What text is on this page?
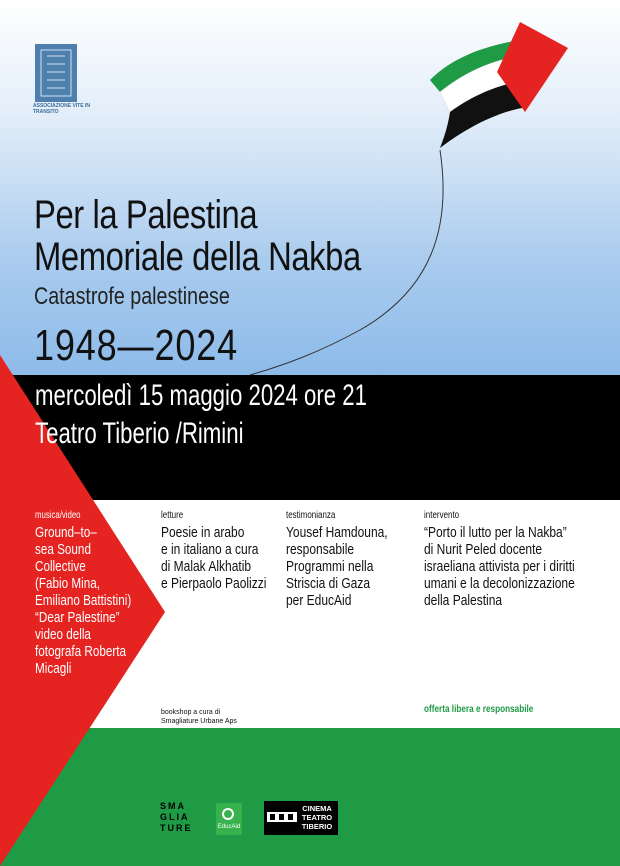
ASSOCIAZIONE VITE IN TRANSITO
Per la Palestina
Memoriale della Nakba
Catastrofe palestinese
1948—2024
mercoledì 15 maggio 2024 ore 21
Teatro Tiberio /Rimini
musica/video
Ground–to–
sea Sound
Collective
(Fabio Mina,
Emiliano Battistini)
“Dear Palestine”
video della
fotografa Roberta
Micagli
letture
Poesie in arabo
e in italiano a cura
di Malak Alkhatib
e Pierpaolo Paolizzi
testimonianza
Yousef Hamdouna,
responsabile
Programmi nella
Striscia di Gaza
per EducAid
intervento
“Porto il lutto per la Nakba”
di Nurit Peled docente
israeliana attivista per i diritti
umani e la decolonizzazione
della Palestina
bookshop a cura di
Smagliature Urbane Aps
offerta libera e responsabile
SMA
GLIA
TURE	EducAid
CINEMA
TEATRO
TIBERIO
